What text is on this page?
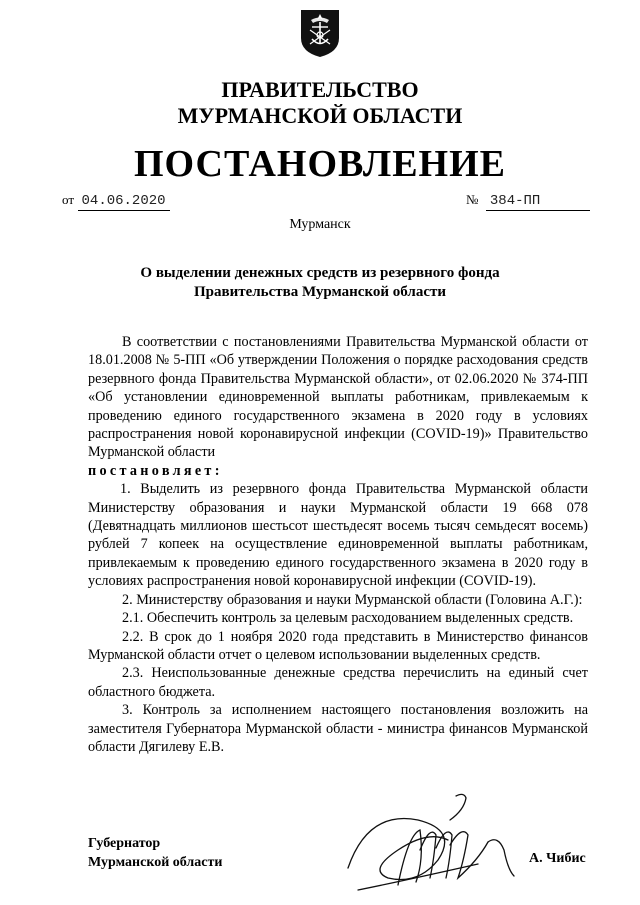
ПРАВИТЕЛЬСТВО
МУРМАНСКОЙ ОБЛАСТИ
ПОСТАНОВЛЕНИЕ
от 04.06.2020	№ 384-ПП
Мурманск
О выделении денежных средств из резервного фонда
Правительства Мурманской области

В соответствии с постановлениями Правительства Мурманской области от 18.01.2008 № 5-ПП «Об утверждении Положения о порядке расходования средств резервного фонда Правительства Мурманской области», от 02.06.2020 № 374-ПП «Об установлении единовременной выплаты работникам, привлекаемым к проведению единого государственного экзамена в 2020 году в условиях распространения новой коронавирусной инфекции (COVID-19)» Правительство Мурманской области

постановляет:

1. Выделить из резервного фонда Правительства Мурманской области Министерству образования и науки Мурманской области 19 668 078 (Девятнадцать миллионов шестьсот шестьдесят восемь тысяч семьдесят восемь) рублей 7 копеек на осуществление единовременной выплаты работникам, привлекаемым к проведению единого государственного экзамена в 2020 году в условиях распространения новой коронавирусной инфекции (COVID-19).

2. Министерству образования и науки Мурманской области (Головина А.Г.):

2.1. Обеспечить контроль за целевым расходованием выделенных средств.

2.2. В срок до 1 ноября 2020 года представить в Министерство финансов Мурманской области отчет о целевом использовании выделенных средств.

2.3. Неиспользованные денежные средства перечислить на единый счет областного бюджета.

3. Контроль за исполнением настоящего постановления возложить на заместителя Губернатора Мурманской области - министра финансов Мурманской области Дягилеву Е.В.

Губернатор
Мурманской области	А. Чибис
